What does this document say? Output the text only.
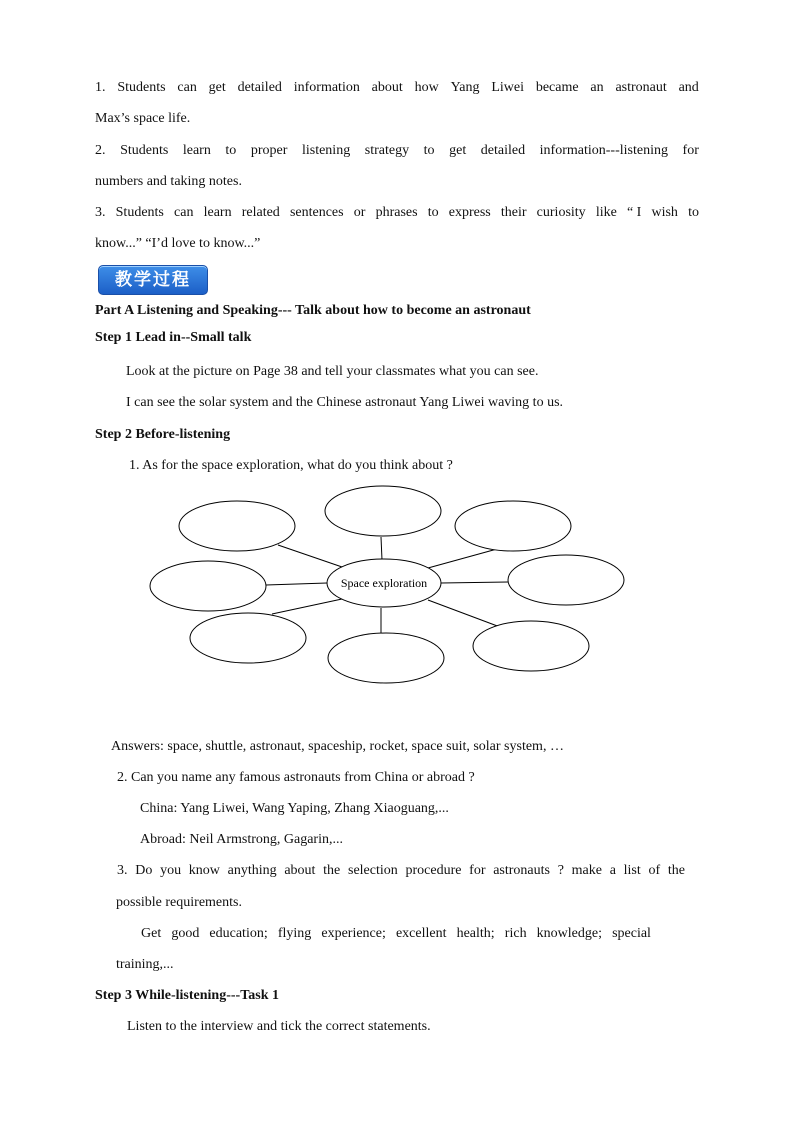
1. Students can get detailed information about how Yang Liwei became an astronaut and
Max’s space life.
2. Students learn to proper listening strategy to get detailed information---listening for
numbers and taking notes.
3. Students can learn related sentences or phrases to express their curiosity like “ I wish to
know...” “I’d love to know...”
教学过程
Part A Listening and Speaking--- Talk about how to become an astronaut
Step 1 Lead in--Small talk
Look at the picture on Page 38 and tell your classmates what you can see.
I can see the solar system and the Chinese astronaut Yang Liwei waving to us.
Step 2 Before-listening
1. As for the space exploration, what do you think about ?
Space exploration
Answers: space, shuttle, astronaut, spaceship, rocket, space suit, solar system, …
2. Can you name any famous astronauts from China or abroad ?
China: Yang Liwei, Wang Yaping, Zhang Xiaoguang,...
Abroad: Neil Armstrong, Gagarin,...
3. Do you know anything about the selection procedure for astronauts ? make a list of the
possible requirements.
Get good education; flying experience; excellent health; rich knowledge; special
training,...
Step 3 While-listening---Task 1
Listen to the interview and tick the correct statements.
